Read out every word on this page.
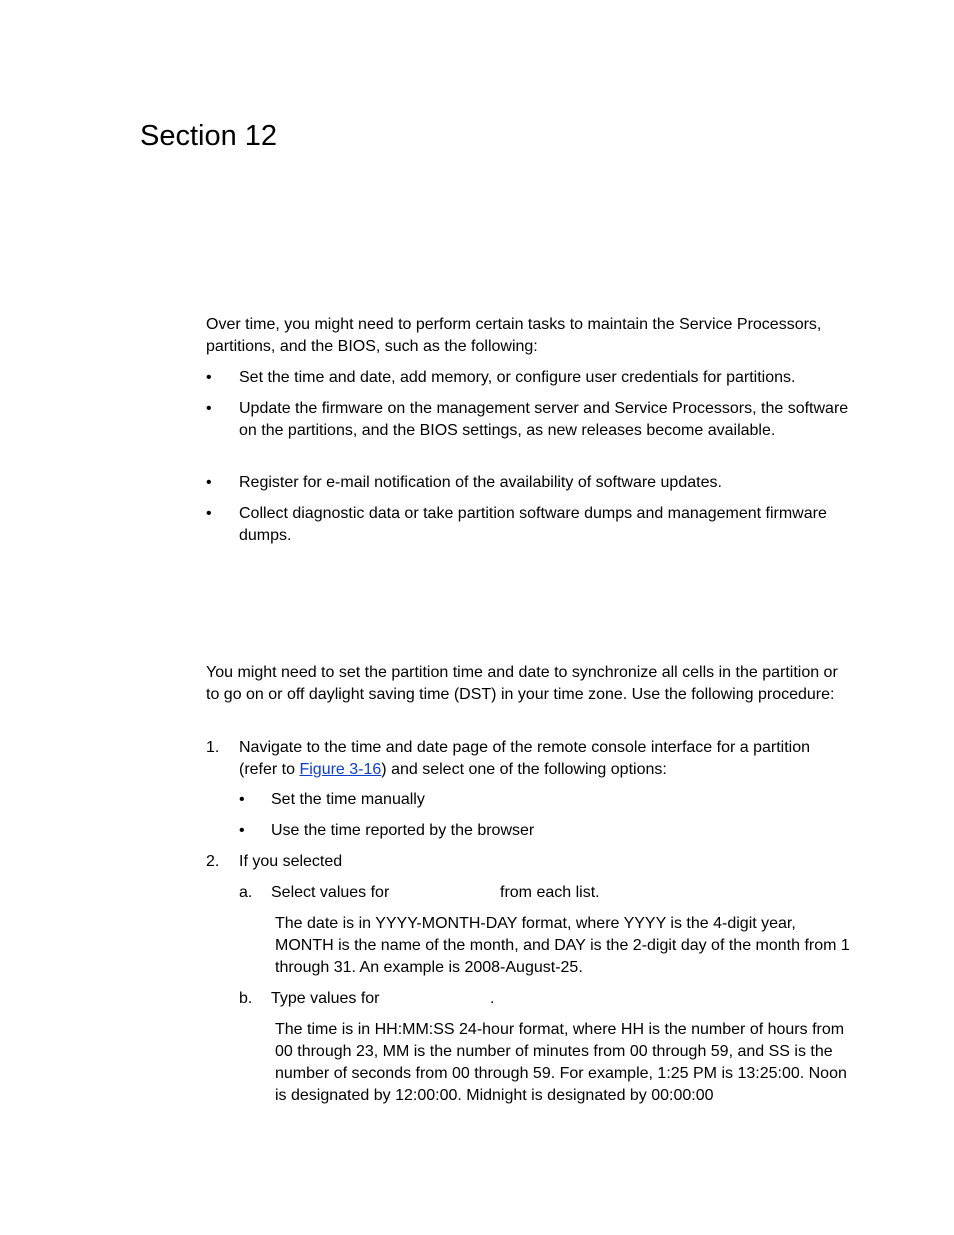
Section 12

Over time, you might need to perform certain tasks to maintain the Service Processors, partitions, and the BIOS, such as the following:

• Set the time and date, add memory, or configure user credentials for partitions.
• Update the firmware on the management server and Service Processors, the software on the partitions, and the BIOS settings, as new releases become available.
• Register for e-mail notification of the availability of software updates.
• Collect diagnostic data or take partition software dumps and management firmware dumps.

You might need to set the partition time and date to synchronize all cells in the partition or to go on or off daylight saving time (DST) in your time zone. Use the following procedure:

1. Navigate to the time and date page of the remote console interface for a partition (refer to Figure 3-16) and select one of the following options:
• Set the time manually
• Use the time reported by the browser
2. If you selected
a. Select values for	from each list.
The date is in YYYY-MONTH-DAY format, where YYYY is the 4-digit year, MONTH is the name of the month, and DAY is the 2-digit day of the month from 1 through 31. An example is 2008-August-25.
b. Type values for	.
The time is in HH:MM:SS 24-hour format, where HH is the number of hours from 00 through 23, MM is the number of minutes from 00 through 59, and SS is the number of seconds from 00 through 59. For example, 1:25 PM is 13:25:00. Noon is designated by 12:00:00. Midnight is designated by 00:00:00
